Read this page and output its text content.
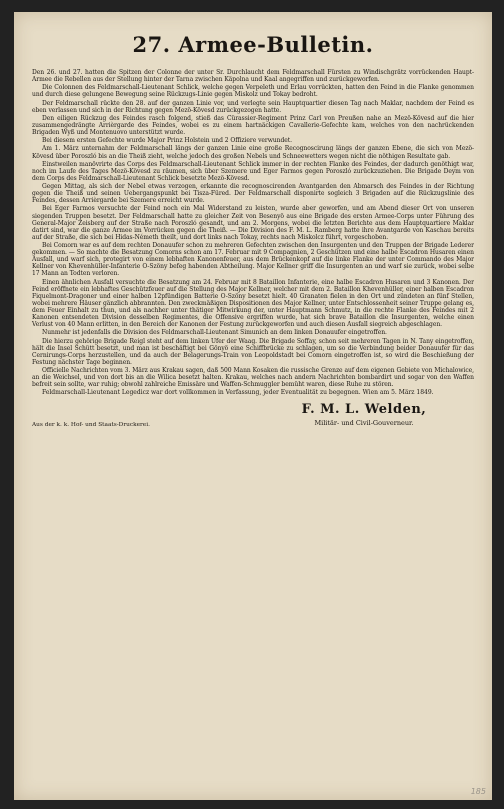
27. Armee-Bulletin.

Den 26. und 27. hatten die Spitzen der Colonne der unter Sr. Durchlaucht dem Feldmarschall Fürsten zu Windischgrätz vorrückenden Haupt-Armee die Rebellen aus der Stellung hinter der Tarna zwischen Käpolna und Kaal angegriffen und zurückgeworfen.

Die Colonnen des Feldmarschall-Lieutenant Schlick, welche gegen Verpeleth und Erlau vorrückten, hatten den Feind in die Flanke genommen und durch diese gelungene Bewegung seine Rückzugs-Linie gegen Miskolz und Tokay bedroht.

Der Feldmarschall rückte den 28. auf der ganzen Linie vor, und verlegte sein Hauptquartier diesen Tag nach Maklar, nachdem der Feind es eben verlassen und sich in der Richtung gegen Mezö-Kövesd zurückgezogen hatte.

Den eiligen Rückzug des Feindes rasch folgend, stieß das Cürassier-Regiment Prinz Carl von Preußen nahe an Mezö-Kövesd auf die hier zusammengedrängte Arrièrgarde des Feindes, wobei es zu einem hartnäckigen Cavallerie-Gefechte kam, welches von den nachrückenden Brigaden Wyß und Montenuovo unterstützt wurde.

Bei diesem ersten Gefechte wurde Major Prinz Holstein und 2 Offiziere verwundet.

Am 1. März unternahm der Feldmarschall längs der ganzen Linie eine große Recognoscirung längs der ganzen Ebene, die sich von Mezö-Kövesd über Poroszló bis an die Theiß zieht, welche jedoch des großen Nebels und Schneewetters wegen nicht die nöthigen Resultate gab.

Einstweilen manövrirte das Corps des Feldmarschall-Lieutenant Schlick immer in der rechten Flanke des Feindes, der dadurch genöthigt war, noch im Laufe des Tages Mezö-Kövesd zu räumen, sich über Szemere und Eger Farmos gegen Poroszló zurückzuziehen. Die Brigade Deym von dem Corps des Feldmarschall-Lieutenant Schlick besetzte Mezö-Kövesd.

Gegen Mittag, als sich der Nebel etwas verzogen, erkannte die recognoscirenden Avantgarden den Abmarsch des Feindes in der Richtung gegen die Theiß und seinen Uebergangspunkt bei Tisza-Füred. Der Feldmarschall disponirte sogleich 3 Brigaden auf die Rückzugslinie des Feindes, dessen Arrièrgarde bei Szemere erreicht wurde.

Bei Eger Farmos versuchte der Feind noch ein Mal Widerstand zu leisten, wurde aber geworfen, und am Abend dieser Ort von unseren siegenden Truppen besetzt. Der Feldmarschall hatte zu gleicher Zeit von Besenyö aus eine Brigade des ersten Armee-Corps unter Führung des General-Major Zeisberg auf der Straße nach Poroszló gesandt, und am 2. Morgens, wobei die letzten Berichte aus dem Hauptquartiere Maklar datirt sind, war die ganze Armee im Vorrücken gegen die Theiß. — Die Division des F. M. L. Ramberg hatte ihre Avantgarde von Kaschau bereits auf der Straße, die sich bei Hidas-Németh theilt, und dort links nach Tokay, rechts nach Miskolcz führt, vorgeschoben.

Bei Comorn war es auf dem rechten Donauufer schon zu mehreren Gefechten zwischen den Insurgenten und den Truppen der Brigade Lederer gekommen. — So machte die Besatzung Comorns schon am 17. Februar mit 9 Compagnien, 2 Geschützen und eine halbe Escadron Husaren einen Ausfall, und warf sich, protegirt von einem lebhaften Kanonenfeuer, aus dem Brückenkopf auf die linke Flanke der unter Commando des Major Kellner von Khevenhüller-Infanterie O-Szöny befeg habenden Abtheilung. Major Kellner griff die Insurgenten an und warf sie zurück, wobei selbe 17 Mann an Todten verloren.

Einen ähnlichen Ausfall versuchte die Besatzung am 24. Februar mit 8 Bataillon Infanterie, eine halbe Escadron Husaren und 3 Kanonen. Der Feind eröffnete ein lebhaftes Geschützfeuer auf die Stellung des Major Kellner, welcher mit dem 2. Bataillon Khevenhüller, einer halben Escadron Fiquelmont-Dragoner und einer halben 12pfündigen Batterie O-Szöny besetzt hielt. 40 Granaten fielen in den Ort und zündeten an fünf Stellen, wobei mehrere Häuser gänzlich abbrannten. Den zweckmäßigen Dispositionen des Major Kellner, unter Entschlossenheit seiner Truppe gelang es, dem Feuer Einhalt zu thun, und als nachher unter thätiger Mitwirkung der, unter Hauptmann Schmutz, in die rechte Flanke des Feindes mit 2 Kanonen entsendeten Division desselben Regimentes, die Offensive ergriffen wurde, hat sich brave Bataillon die Insurgenten, welche einen Verlust von 40 Mann erlitten, in den Bereich der Kanonen der Festung zurückgeworfen und auch diesen Ausfall siegreich abgeschlagen.

Nunmehr ist jedenfalls die Division des Feldmarschall-Lieutenant Simunich an dem linken Donauufer eingetroffen.

Die hierzu gehörige Brigade Reigl steht auf dem linken Ufer der Waag. Die Brigade Soffay, schon seit mehreren Tagen in N. Tany eingetroffen, hält die Insel Schütt besetzt, und man ist beschäftigt bei Gönyö eine Schiffbrücke zu schlagen, um so die Verbindung beider Donauufer für das Cernirungs-Corps herzustellen, und da auch der Belagerungs-Train von Leopoldstadt bei Comorn eingetroffen ist, so wird die Beschießung der Festung nächster Tage beginnen.

Officielle Nachrichten vom 3. März aus Krakau sagen, daß 500 Mann Kosaken die russische Grenze auf dem eigenen Gebiete von Michalowice, an die Weichsel, und von dort bis an die Wilica besetzt halten. Krakau, welches nach andern Nachrichten bombardirt und sogar von den Waffen befreit sein sollte, war ruhig; obwohl zahlreiche Emissäre und Waffen-Schmuggler bemüht waren, diese Ruhe zu stören.

Feldmarschall-Lieutenant Legedicz war dort vollkommen in Verfassung, jeder Eventualität zu begegnen. Wien am 5. März 1849.
Aus der k. k. Hof- und Staats-Druckerei.
F. M. L. Welden,
Militär- und Civil-Gouverneur.
185
